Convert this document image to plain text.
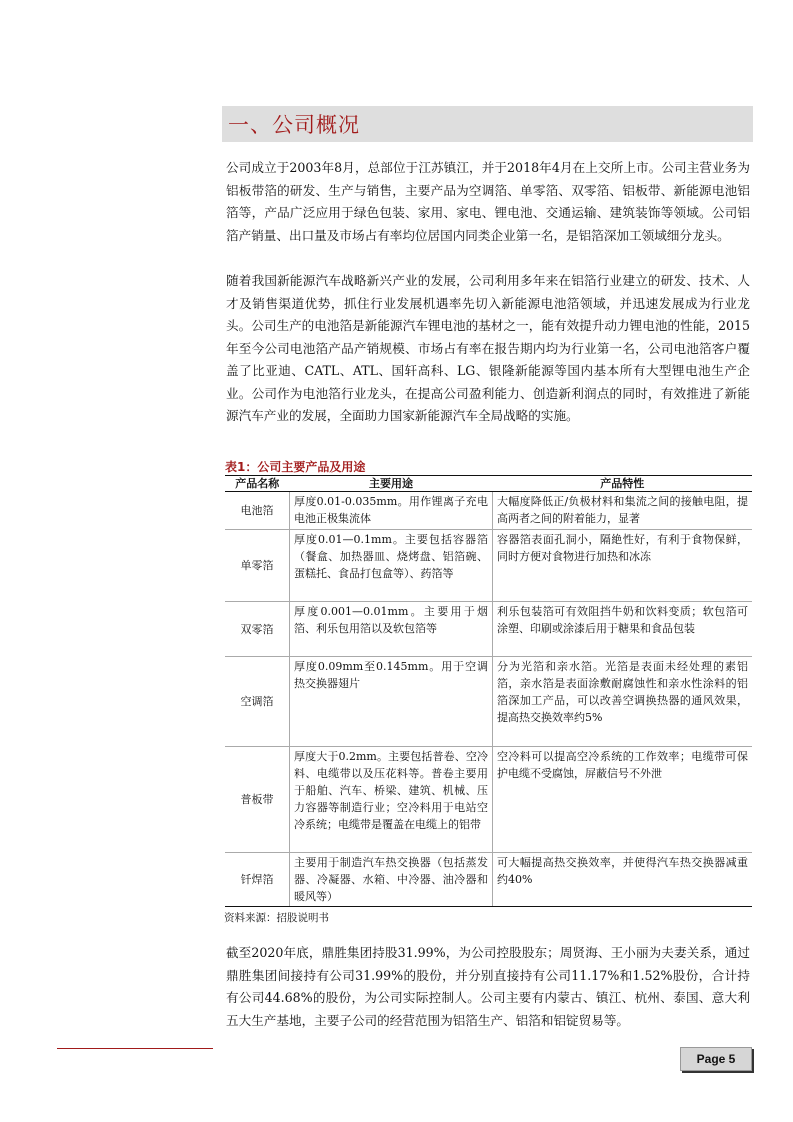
一、公司概况

公司成立于2003年8月，总部位于江苏镇江，并于2018年4月在上交所上市。公司主营业务为铝板带箔的研发、生产与销售，主要产品为空调箔、单零箔、双零箔、铝板带、新能源电池铝箔等，产品广泛应用于绿色包装、家用、家电、锂电池、交通运输、建筑装饰等领域。公司铝箔产销量、出口量及市场占有率均位居国内同类企业第一名，是铝箔深加工领域细分龙头。

随着我国新能源汽车战略新兴产业的发展，公司利用多年来在铝箔行业建立的研发、技术、人才及销售渠道优势，抓住行业发展机遇率先切入新能源电池箔领域，并迅速发展成为行业龙头。公司生产的电池箔是新能源汽车锂电池的基材之一，能有效提升动力锂电池的性能，2015年至今公司电池箔产品产销规模、市场占有率在报告期内均为行业第一名，公司电池箔客户覆盖了比亚迪、CATL、ATL、国轩高科、LG、银隆新能源等国内基本所有大型锂电池生产企业。公司作为电池箔行业龙头，在提高公司盈利能力、创造新利润点的同时，有效推进了新能源汽车产业的发展，全面助力国家新能源汽车全局战略的实施。

表1：公司主要产品及用途
产品名称	主要用途	产品特性
电池箔	厚度0.01-0.035mm。用作锂离子充电电池正极集流体	大幅度降低正/负极材料和集流之间的接触电阻，提高两者之间的附着能力，显著
单零箔	厚度0.01—0.1mm。主要包括容器箔（餐盒、加热器皿、烧烤盘、铝箔碗、蛋糕托、食品打包盒等）、药箔等	容器箔表面孔洞小，隔絶性好，有利于食物保鲜，同时方便对食物进行加热和冰冻
双零箔	厚度0.001—0.01mm。主要用于烟箔、利乐包用箔以及软包箔等	利乐包装箔可有效阻挡牛奶和饮料变质；软包箔可涂塑、印刷或涂漆后用于糖果和食品包装
空调箔	厚度0.09mm至0.145mm。用于空调热交换器翅片	分为光箔和亲水箔。光箔是表面未经处理的素铝箔，亲水箔是表面涂敷耐腐蚀性和亲水性涂料的铝箔深加工产品，可以改善空调换热器的通风效果，提高热交换效率约5%
普板带	厚度大于0.2mm。主要包括普卷、空冷料、电缆带以及压花料等。普卷主要用于船舶、汽车、桥梁、建筑、机械、压力容器等制造行业；空冷料用于电站空冷系统；电缆带是覆盖在电缆上的铝带	空冷料可以提高空冷系统的工作效率；电缆带可保护电缆不受腐蚀，屏蔽信号不外泄
钎焊箔	主要用于制造汽车热交换器（包括蒸发器、冷凝器、水箱、中冷器、油冷器和暖风等）	可大幅提高热交换效率，并使得汽车热交换器减重约40%
资料来源：招股说明书

截至2020年底，鼎胜集团持股31.99%，为公司控股股东；周贤海、王小丽为夫妻关系，通过鼎胜集团间接持有公司31.99%的股份，并分别直接持有公司11.17%和1.52%股份，合计持有公司44.68%的股份，为公司实际控制人。公司主要有内蒙古、镇江、杭州、泰国、意大利五大生产基地，主要子公司的经营范围为铝箔生产、铝箔和铝锭贸易等。

Page 5
